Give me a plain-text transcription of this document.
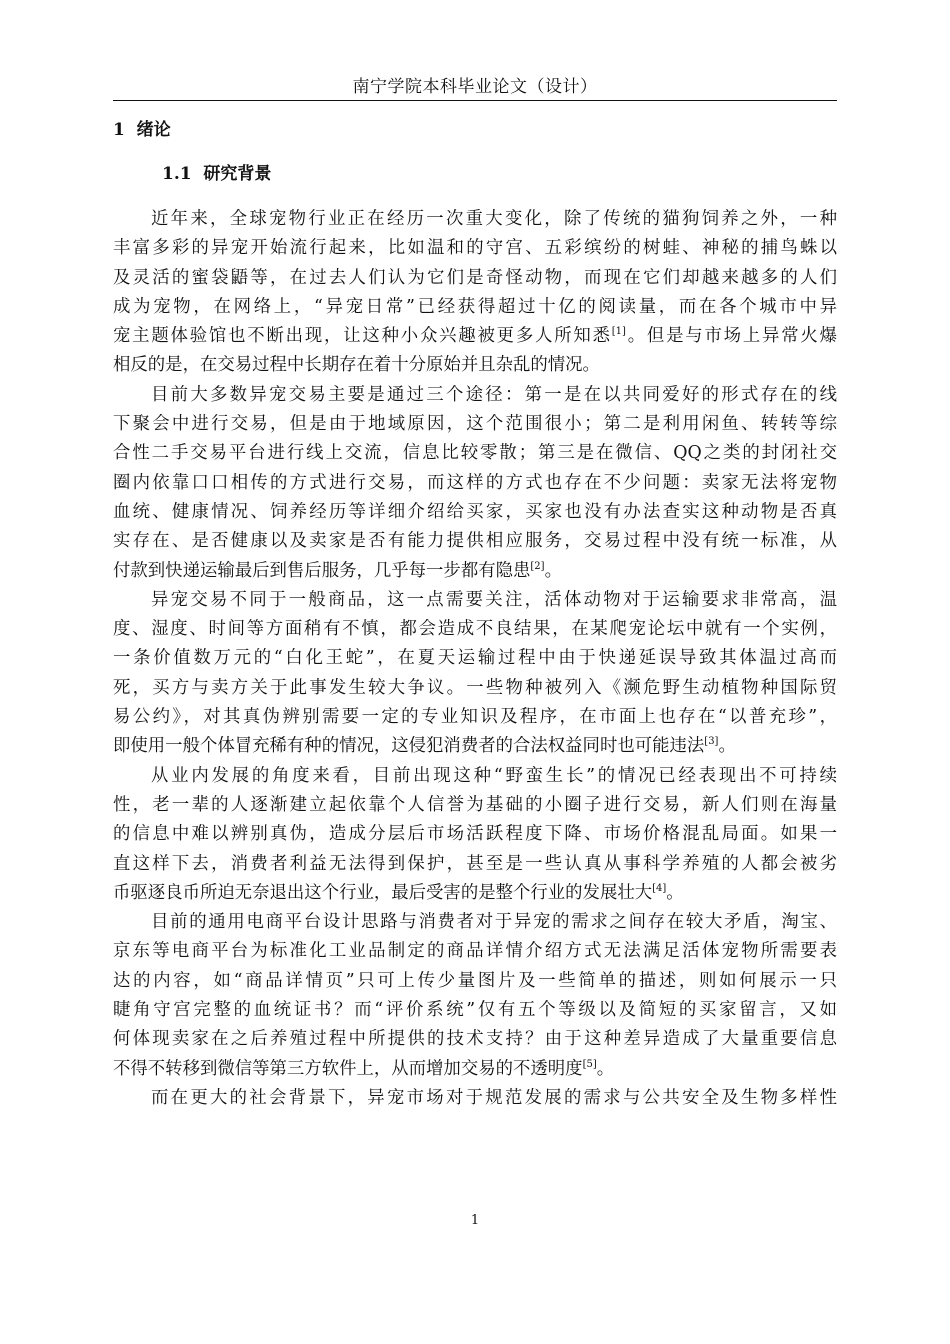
南宁学院本科毕业论文（设计）
1  绪论
1.1  研究背景

近年来，全球宠物行业正在经历一次重大变化，除了传统的猫狗饲养之外，一种
丰富多彩的异宠开始流行起来，比如温和的守宫、五彩缤纷的树蛙、神秘的捕鸟蛛以
及灵活的蜜袋鼯等，在过去人们认为它们是奇怪动物，而现在它们却越来越多的人们
成为宠物，在网络上，“异宠日常”已经获得超过十亿的阅读量，而在各个城市中异
宠主题体验馆也不断出现，让这种小众兴趣被更多人所知悉[1]。但是与市场上异常火爆
相反的是，在交易过程中长期存在着十分原始并且杂乱的情况。

目前大多数异宠交易主要是通过三个途径：第一是在以共同爱好的形式存在的线
下聚会中进行交易，但是由于地域原因，这个范围很小；第二是利用闲鱼、转转等综
合性二手交易平台进行线上交流，信息比较零散；第三是在微信、QQ之类的封闭社交
圈内依靠口口相传的方式进行交易，而这样的方式也存在不少问题：卖家无法将宠物
血统、健康情况、饲养经历等详细介绍给买家，买家也没有办法查实这种动物是否真
实存在、是否健康以及卖家是否有能力提供相应服务，交易过程中没有统一标准，从
付款到快递运输最后到售后服务，几乎每一步都有隐患[2]。

异宠交易不同于一般商品，这一点需要关注，活体动物对于运输要求非常高，温
度、湿度、时间等方面稍有不慎，都会造成不良结果，在某爬宠论坛中就有一个实例，
一条价值数万元的“白化王蛇”，在夏天运输过程中由于快递延误导致其体温过高而
死，买方与卖方关于此事发生较大争议。一些物种被列入《濒危野生动植物种国际贸
易公约》，对其真伪辨别需要一定的专业知识及程序，在市面上也存在“以普充珍”，
即使用一般个体冒充稀有种的情况，这侵犯消费者的合法权益同时也可能违法[3]。

从业内发展的角度来看，目前出现这种“野蛮生长”的情况已经表现出不可持续
性，老一辈的人逐渐建立起依靠个人信誉为基础的小圈子进行交易，新人们则在海量
的信息中难以辨别真伪，造成分层后市场活跃程度下降、市场价格混乱局面。如果一
直这样下去，消费者利益无法得到保护，甚至是一些认真从事科学养殖的人都会被劣
币驱逐良币所迫无奈退出这个行业，最后受害的是整个行业的发展壮大[4]。

目前的通用电商平台设计思路与消费者对于异宠的需求之间存在较大矛盾，淘宝、
京东等电商平台为标准化工业品制定的商品详情介绍方式无法满足活体宠物所需要表
达的内容，如“商品详情页”只可上传少量图片及一些简单的描述，则如何展示一只
睫角守宫完整的血统证书？而“评价系统”仅有五个等级以及简短的买家留言，又如
何体现卖家在之后养殖过程中所提供的技术支持？由于这种差异造成了大量重要信息
不得不转移到微信等第三方软件上，从而增加交易的不透明度[5]。

而在更大的社会背景下，异宠市场对于规范发展的需求与公共安全及生物多样性

1
